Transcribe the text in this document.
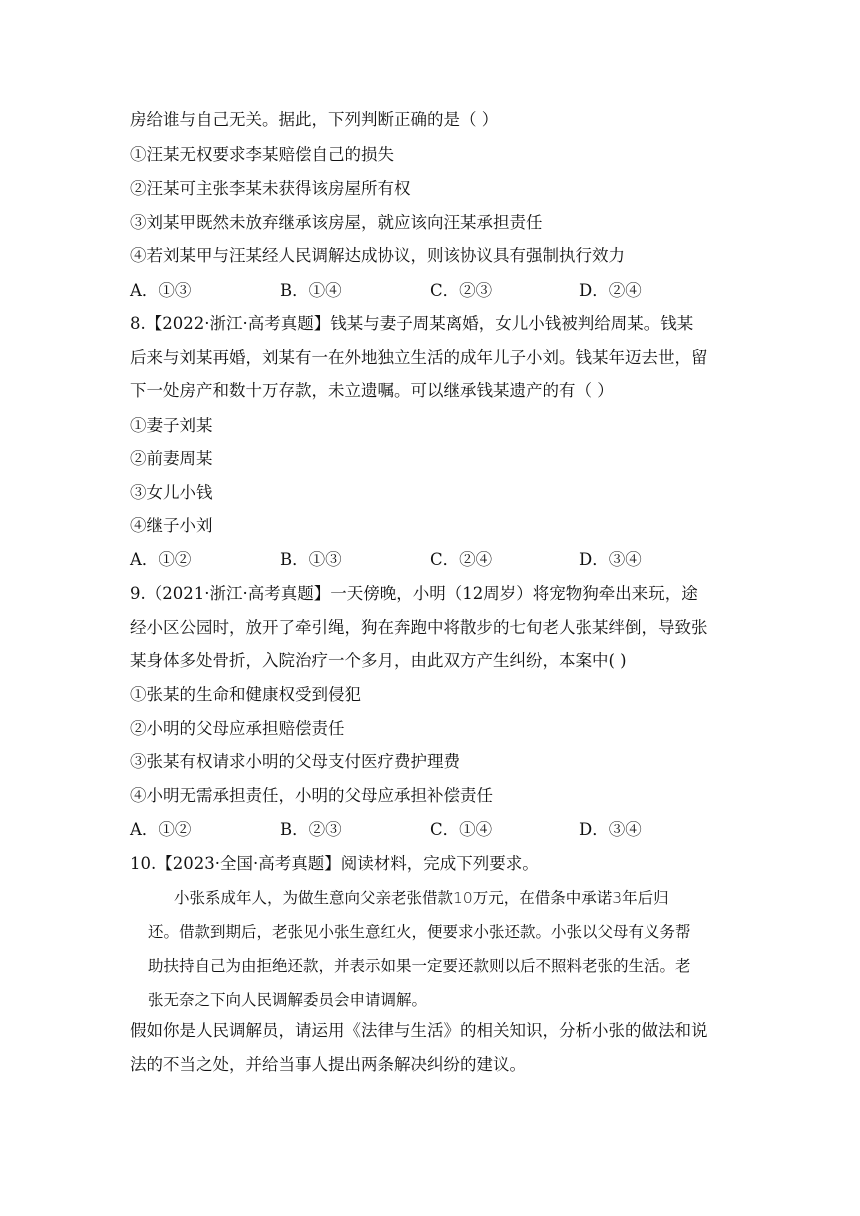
房给谁与自己无关。据此，下列判断正确的是（ ）
①汪某无权要求李某赔偿自己的损失
②汪某可主张李某未获得该房屋所有权
③刘某甲既然未放弃继承该房屋，就应该向汪某承担责任
④若刘某甲与汪某经人民调解达成协议，则该协议具有强制执行效力
A．①③	B．①④	C．②③	D．②④
8.【2022·浙江·高考真题】钱某与妻子周某离婚，女儿小钱被判给周某。钱某
后来与刘某再婚，刘某有一在外地独立生活的成年儿子小刘。钱某年迈去世，留
下一处房产和数十万存款，未立遗嘱。可以继承钱某遗产的有（ ）
①妻子刘某
②前妻周某
③女儿小钱
④继子小刘
A．①②	B．①③	C．②④	D．③④
9.（2021·浙江·高考真题】一天傍晚，小明（12周岁）将宠物狗牵出来玩，途
经小区公园时，放开了牵引绳，狗在奔跑中将散步的七旬老人张某绊倒，导致张
某身体多处骨折，入院治疗一个多月，由此双方产生纠纷，本案中( )
①张某的生命和健康权受到侵犯
②小明的父母应承担赔偿责任
③张某有权请求小明的父母支付医疗费护理费
④小明无需承担责任，小明的父母应承担补偿责任
A．①②	B．②③	C．①④	D．③④
10.【2023·全国·高考真题】阅读材料，完成下列要求。
小张系成年人，为做生意向父亲老张借款10万元，在借条中承诺3年后归
还。借款到期后，老张见小张生意红火，便要求小张还款。小张以父母有义务帮
助扶持自己为由拒绝还款，并表示如果一定要还款则以后不照料老张的生活。老
张无奈之下向人民调解委员会申请调解。
假如你是人民调解员，请运用《法律与生活》的相关知识，分析小张的做法和说
法的不当之处，并给当事人提出两条解决纠纷的建议。
